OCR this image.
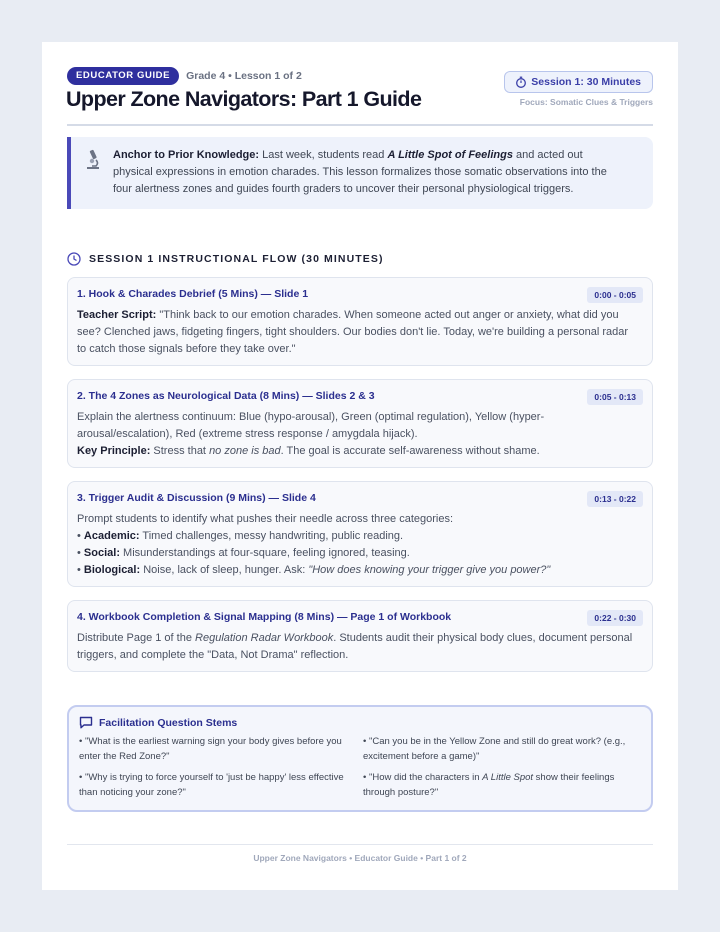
EDUCATOR GUIDE	Grade 4 • Lesson 1 of 2
Upper Zone Navigators: Part 1 Guide
Session 1: 30 Minutes
Focus: Somatic Clues & Triggers
Anchor to Prior Knowledge: Last week, students read A Little Spot of Feelings and acted out physical expressions in emotion charades. This lesson formalizes those somatic observations into the four alertness zones and guides fourth graders to uncover their personal physiological triggers.
SESSION 1 INSTRUCTIONAL FLOW (30 MINUTES)
1. Hook & Charades Debrief (5 Mins) — Slide 1	0:00 - 0:05
Teacher Script: "Think back to our emotion charades. When someone acted out anger or anxiety, what did you see? Clenched jaws, fidgeting fingers, tight shoulders. Our bodies don't lie. Today, we're building a personal radar to catch those signals before they take over."
2. The 4 Zones as Neurological Data (8 Mins) — Slides 2 & 3	0:05 - 0:13

Explain the alertness continuum: Blue (hypo-arousal), Green (optimal regulation), Yellow (hyper-arousal/escalation), Red (extreme stress response / amygdala hijack).

Key Principle: Stress that no zone is bad. The goal is accurate self-awareness without shame.

3. Trigger Audit & Discussion (9 Mins) — Slide 4	0:13 - 0:22

Prompt students to identify what pushes their needle across three categories:

• Academic: Timed challenges, messy handwriting, public reading.

• Social: Misunderstandings at four-square, feeling ignored, teasing.

• Biological: Noise, lack of sleep, hunger. Ask: "How does knowing your trigger give you power?"

4. Workbook Completion & Signal Mapping (8 Mins) — Page 1 of Workbook	0:22 - 0:30
Distribute Page 1 of the Regulation Radar Workbook. Students audit their physical body clues, document personal triggers, and complete the "Data, Not Drama" reflection.
Facilitation Question Stems
• "What is the earliest warning sign your body gives before you enter the Red Zone?"
• "Can you be in the Yellow Zone and still do great work? (e.g., excitement before a game)"
• "Why is trying to force yourself to 'just be happy' less effective than noticing your zone?"
• "How did the characters in A Little Spot show their feelings through posture?"
Upper Zone Navigators • Educator Guide • Part 1 of 2
